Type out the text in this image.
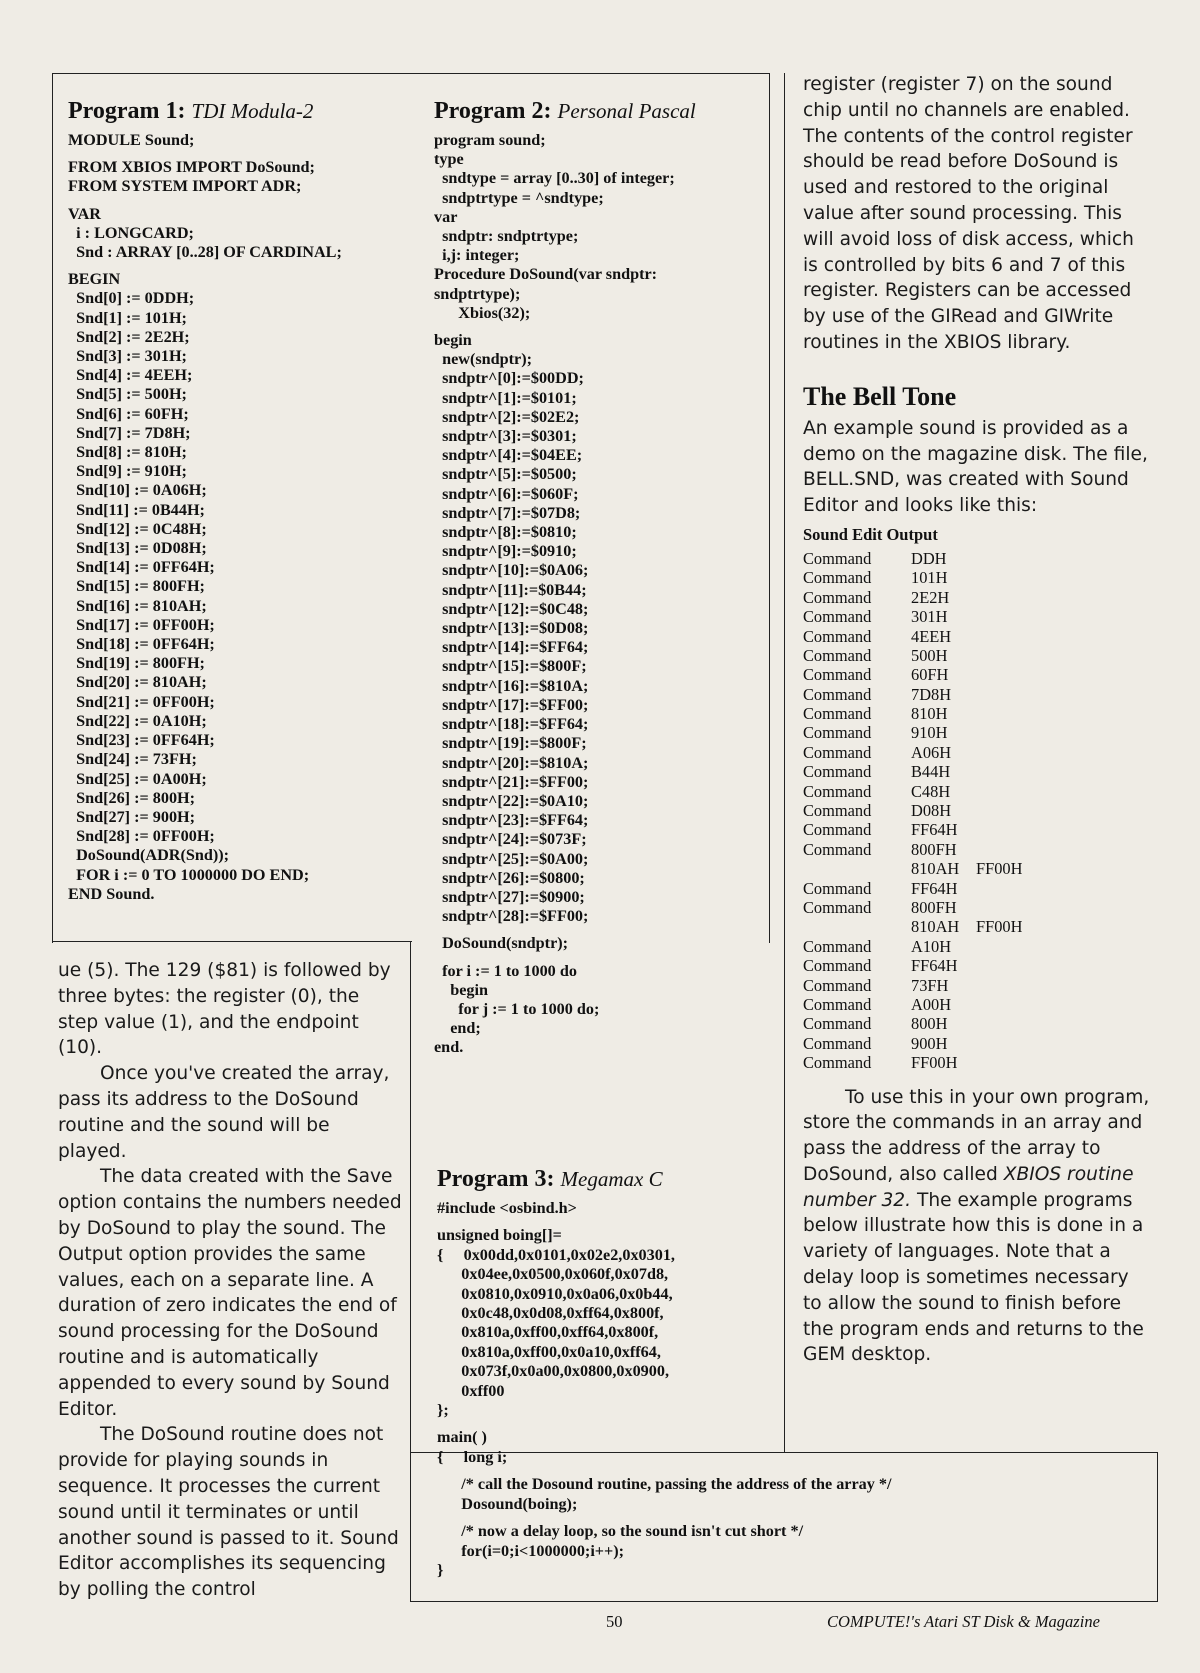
Program 1: TDI Modula-2
MODULE Sound;
FROM XBIOS IMPORT DoSound;
FROM SYSTEM IMPORT ADR;
VAR
i : LONGCARD;
Snd : ARRAY [0..28] OF CARDINAL;
BEGIN
Snd[0] := 0DDH;
Snd[1] := 101H;
Snd[2] := 2E2H;
Snd[3] := 301H;
Snd[4] := 4EEH;
Snd[5] := 500H;
Snd[6] := 60FH;
Snd[7] := 7D8H;
Snd[8] := 810H;
Snd[9] := 910H;
Snd[10] := 0A06H;
Snd[11] := 0B44H;
Snd[12] := 0C48H;
Snd[13] := 0D08H;
Snd[14] := 0FF64H;
Snd[15] := 800FH;
Snd[16] := 810AH;
Snd[17] := 0FF00H;
Snd[18] := 0FF64H;
Snd[19] := 800FH;
Snd[20] := 810AH;
Snd[21] := 0FF00H;
Snd[22] := 0A10H;
Snd[23] := 0FF64H;
Snd[24] := 73FH;
Snd[25] := 0A00H;
Snd[26] := 800H;
Snd[27] := 900H;
Snd[28] := 0FF00H;
DoSound(ADR(Snd));
FOR i := 0 TO 1000000 DO END;
END Sound.
Program 2: Personal Pascal
program sound;
type
sndtype = array [0..30] of integer;
sndptrtype = ^sndtype;
var
sndptr: sndptrtype;
i,j: integer;
Procedure DoSound(var sndptr:
sndptrtype);
Xbios(32);
begin
new(sndptr);
sndptr^[0]:=$00DD;
sndptr^[1]:=$0101;
sndptr^[2]:=$02E2;
sndptr^[3]:=$0301;
sndptr^[4]:=$04EE;
sndptr^[5]:=$0500;
sndptr^[6]:=$060F;
sndptr^[7]:=$07D8;
sndptr^[8]:=$0810;
sndptr^[9]:=$0910;
sndptr^[10]:=$0A06;
sndptr^[11]:=$0B44;
sndptr^[12]:=$0C48;
sndptr^[13]:=$0D08;
sndptr^[14]:=$FF64;
sndptr^[15]:=$800F;
sndptr^[16]:=$810A;
sndptr^[17]:=$FF00;
sndptr^[18]:=$FF64;
sndptr^[19]:=$800F;
sndptr^[20]:=$810A;
sndptr^[21]:=$FF00;
sndptr^[22]:=$0A10;
sndptr^[23]:=$FF64;
sndptr^[24]:=$073F;
sndptr^[25]:=$0A00;
sndptr^[26]:=$0800;
sndptr^[27]:=$0900;
sndptr^[28]:=$FF00;
DoSound(sndptr);
for i := 1 to 1000 do
begin
for j := 1 to 1000 do;
end;
end.
Program 3: Megamax C
#include <osbind.h>
unsigned boing[]=
{     0x00dd,0x0101,0x02e2,0x0301,
0x04ee,0x0500,0x060f,0x07d8,
0x0810,0x0910,0x0a06,0x0b44,
0x0c48,0x0d08,0xff64,0x800f,
0x810a,0xff00,0xff64,0x800f,
0x810a,0xff00,0x0a10,0xff64,
0x073f,0x0a00,0x0800,0x0900,
0xff00
};
main( )
{     long i;
/* call the Dosound routine, passing the address of the array */
Dosound(boing);
/* now a delay loop, so the sound isn't cut short */
for(i=0;i<1000000;i++);
}

ue (5). The 129 ($81) is followed by three bytes: the register (0), the step value (1), and the endpoint (10).

Once you've created the array, pass its address to the DoSound routine and the sound will be played.

The data created with the Save option contains the numbers needed by DoSound to play the sound. The Output option provides the same values, each on a separate line. A duration of zero indicates the end of sound processing for the DoSound routine and is automatically appended to every sound by Sound Editor.

The DoSound routine does not provide for playing sounds in sequence. It processes the current sound until it terminates or until another sound is passed to it. Sound Editor accomplishes its sequencing by polling the control

register (register 7) on the sound chip until no channels are enabled. The contents of the control register should be read before DoSound is used and restored to the original value after sound processing. This will avoid loss of disk access, which is controlled by bits 6 and 7 of this register. Registers can be accessed by use of the GIRead and GIWrite routines in the XBIOS library.
The Bell Tone
An example sound is provided as a demo on the magazine disk. The file, BELL.SND, was created with Sound Editor and looks like this:
Sound Edit Output
Command DDH
Command 101H
Command 2E2H
Command 301H
Command 4EEH
Command 500H
Command 60FH
Command 7D8H
Command 810H
Command 910H
Command A06H
Command B44H
Command C48H
Command D08H
Command FF64H
Command 800FH
810AH FF00H
Command FF64H
Command 800FH
810AH FF00H
Command A10H
Command FF64H
Command 73FH
Command A00H
Command 800H
Command 900H
Command FF00H
To use this in your own program, store the commands in an array and pass the address of the array to DoSound, also called XBIOS routine number 32. The example programs below illustrate how this is done in a variety of languages. Note that a delay loop is sometimes necessary to allow the sound to finish before the program ends and returns to the GEM desktop.
50	COMPUTE!'s Atari ST Disk & Magazine
